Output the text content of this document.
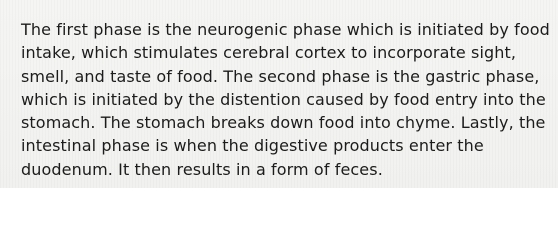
The first phase is the neurogenic phase which is initiated by food
intake, which stimulates cerebral cortex to incorporate sight,
smell, and taste of food. The second phase is the gastric phase,
which is initiated by the distention caused by food entry into the
stomach. The stomach breaks down food into chyme. Lastly, the
intestinal phase is when the digestive products enter the
duodenum. It then results in a form of feces.
